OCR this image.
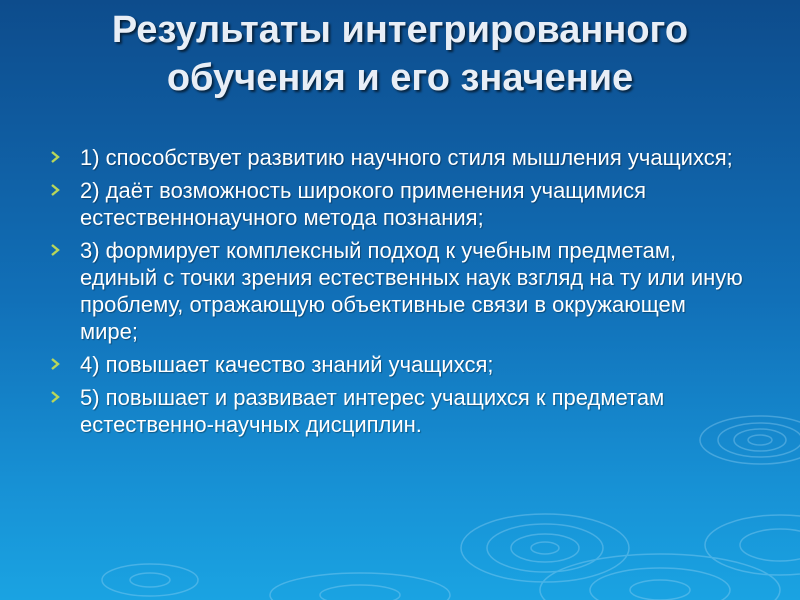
Результаты интегрированного
обучения и его значение
1) способствует развитию научного стиля мышления учащихся;
2) даёт возможность широкого применения учащимися естественнонаучного метода познания;
3) формирует комплексный подход к учебным предметам, единый с точки зрения естественных наук взгляд на ту или иную проблему, отражающую объективные связи в окружающем мире;
4) повышает качество знаний учащихся;
5) повышает и развивает интерес учащихся к предметам естественно-научных дисциплин.
